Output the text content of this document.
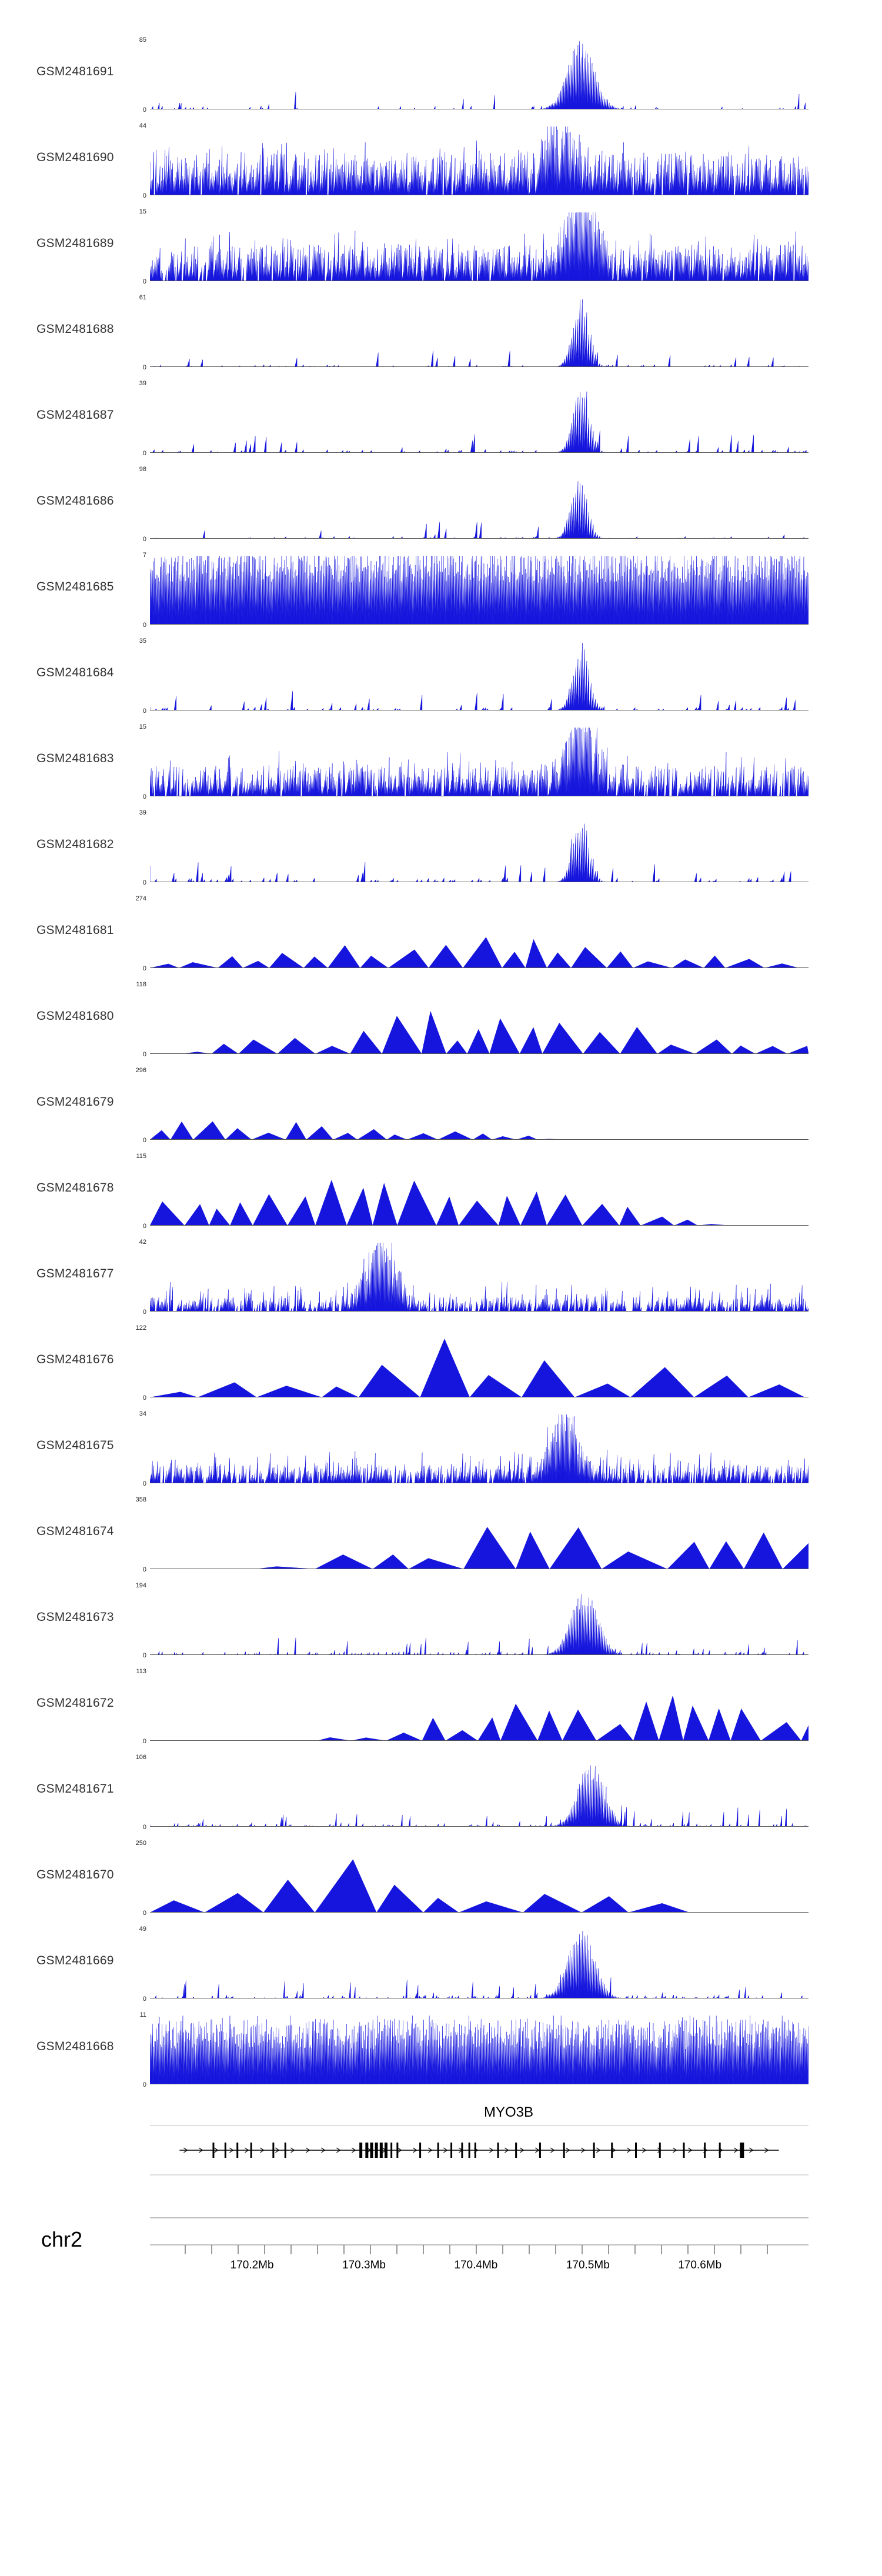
GSM2481691
85
0
GSM2481690
44
0
GSM2481689
15
0
GSM2481688
61
0
GSM2481687
39
0
GSM2481686
98
0
GSM2481685
7
0
GSM2481684
35
0
GSM2481683
15
0
GSM2481682
39
0
GSM2481681
274
0
GSM2481680
118
0
GSM2481679
296
0
GSM2481678
115
0
GSM2481677
42
0
GSM2481676
122
0
GSM2481675
34
0
GSM2481674
358
0
GSM2481673
194
0
GSM2481672
113
0
GSM2481671
106
0
GSM2481670
250
0
GSM2481669
49
0
GSM2481668
11
0
MYO3B
chr2
170.2Mb	170.3Mb	170.4Mb	170.5Mb	170.6Mb
